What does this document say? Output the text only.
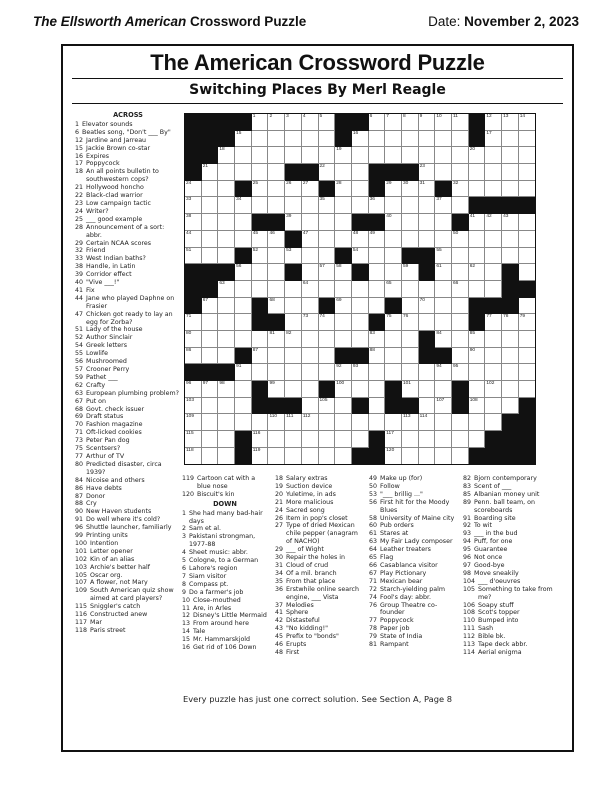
The Ellsworth American Crossword Puzzle	Date: November 2, 2023
The American Crossword Puzzle
Switching Places By Merl Reagle
ACROSS
1 Elevator sounds
6 Beatles song, "Don't ___ By"
12 Jardine and Jarreau
15 Jackie Brown co-star
16 Expires
17 Poppycock
18 An all points bulletin to southwestern cops?
21 Hollywood honcho
22 Black-clad warrior
23 Low campaign tactic
24 Writer?
25 ___ good example
28 Announcement of a sort: abbr.
29 Certain NCAA scores
32 Friend
33 West Indian baths?
38 Handle, in Latin
39 Corridor effect
40 "Vive ___!"
41 Fix
44 Jane who played Daphne on Frasier
47 Chicken got ready to lay an egg for Zorba?
51 Lady of the house
52 Author Sinclair
54 Greek letters
55 Lowlife
56 Mushroomed
57 Crooner Perry
59 Pathet ___
62 Crafty
63 European plumbing problem?
67 Put on
68 Govt. check issuer
69 Draft status
70 Fashion magazine
71 Oft-licked cookies
73 Peter Pan dog
75 Scentsers?
77 Arthur of TV
80 Predicted disaster, circa 1939?
84 Nicoise and others
86 Have debts
87 Donor
88 Cry
90 New Haven students
91 Do well where it's cold?
96 Shuttle launcher, familiarly
99 Printing units
100 Intention
101 Letter opener
102 Kin of an alias
103 Archie's better half
105 Oscar org.
107 A flower, not Mary
109 South American quiz show aimed at card players?
115 Sniggler's catch
116 Constructed anew
117 Mar
118 Paris street
1	2	3	4	5	6	7	8	9	10 11	12 13 14
15	16	17
18	19	20
21	22	23
24	25	26 27	28	29 30 31	32
33	34	35	36	37
38	39	40	41 42 43
44	45 46	47	48 49	50
51	52	53	54	55
56	57 58	59	61	62
63	64	65	66
67	68	69	70
71	73 74	75 76	77 78 79
80	81 82	83	84	85
86	87	88	90
91	92 93	94 95
96 97 98	99	100	101	102
103	105	107	108
109	110 111 112	113 114
115	116	117
118	119	120
119 Cartoon cat with a blue nose
120 Biscuit's kin
DOWN
1 She had many bad-hair days
2 Sam et al.
3 Pakistani strongman, 1977-88
4 Sheet music: abbr.
5 Cologne, to a German
6 Lahore's region
7 Siam visitor
8 Compass pt.
9 Do a farmer's job
10 Close-mouthed
11 Are, in Arles
12 Disney's Little Mermaid
13 From around here
14 Tale
15 Mr. Hammarskjold
16 Get rid of 106 Down
18 Salary extras
19 Suction device
20 Yuletime, in ads
21 More malicious
24 Sacred song
26 Item in pop's closet
27 Type of dried Mexican chile pepper (anagram of NACHO)
29 ___ of Wight
30 Repair the holes in
31 Cloud of crud
34 Of a mil. branch
35 From that place
36 Erstwhile online search engine, ___ Vista
37 Melodies
41 Sphere
42 Distasteful
43 "No kidding!"
45 Prefix to "bonds"
46 Erupts
48 First
49 Make up (for)
50 Follow
53 "___ brillig ..."
56 First hit for the Moody Blues
58 University of Maine city
60 Pub orders
61 Stares at
63 My Fair Lady composer
64 Leather treaters
65 Flag
66 Casablanca visitor
67 Play Pictionary
71 Mexican bear
72 Starch-yielding palm
74 Fool's day: abbr.
76 Group Theatre co-founder
77 Poppycock
78 Paper job
79 State of India
81 Rampant
82 Bjorn contemporary
83 Scent of ___
85 Albanian money unit
89 Penn. ball team, on scoreboards
91 Boarding site
92 To wit
93 ___ in the bud
94 Puff, for one
95 Guarantee
96 Not once
97 Good-bye
98 Move sneakily
104 ___ d'oeuvres
105 Something to take from me?
106 Soapy stuff
108 Scot's topper
110 Bumped into
111 Sash
112 Bible bk.
113 Tape deck abbr.
114 Aerial enigma
Every puzzle has just one correct solution. See Section A, Page 8
